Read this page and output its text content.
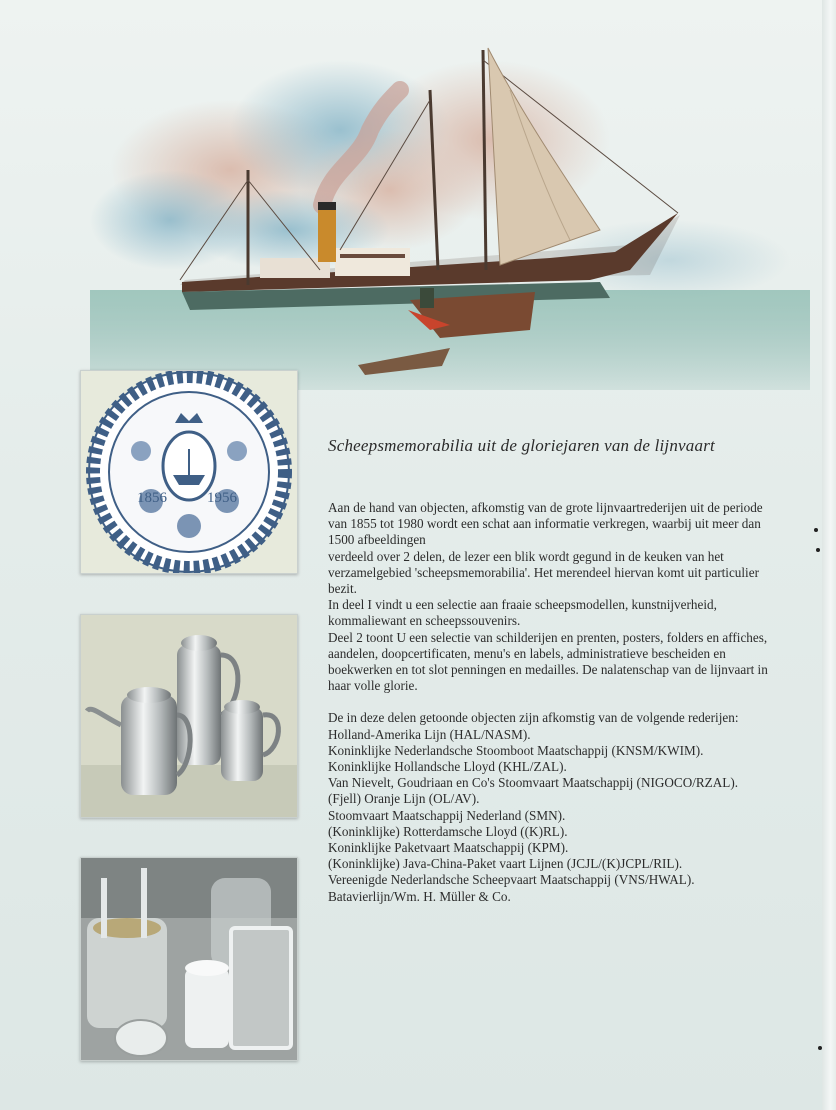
1856	1956
Scheepsmemorabilia uit de gloriejaren van de lijnvaart

Aan de hand van objecten, afkomstig van de grote lijnvaartrederijen uit de periode

van 1855 tot 1980 wordt een schat aan informatie verkregen, waarbij uit meer dan

1500 afbeeldingen

verdeeld over 2 delen, de lezer een blik wordt gegund in de keuken van het

verzamelgebied 'scheepsmemorabilia'. Het merendeel hiervan komt uit particulier

bezit.

In deel I vindt u een selectie aan fraaie scheepsmodellen, kunstnijverheid,

kommaliewant en scheepssouvenirs.

Deel 2 toont U een selectie van schilderijen en prenten, posters, folders en affiches,

aandelen, doopcertificaten, menu's en labels, administratieve bescheiden en

boekwerken en tot slot penningen en medailles. De nalatenschap van de lijnvaart in

haar volle glorie.

De in deze delen getoonde objecten zijn afkomstig van de volgende rederijen:

Holland-Amerika Lijn (HAL/NASM).

Koninklijke Nederlandsche Stoomboot Maatschappij (KNSM/KWIM).

Koninklijke Hollandsche Lloyd (KHL/ZAL).

Van Nievelt, Goudriaan en Co's Stoomvaart Maatschappij (NIGOCO/RZAL).

(Fjell) Oranje Lijn (OL/AV).

Stoomvaart Maatschappij Nederland (SMN).

(Koninklijke) Rotterdamsche Lloyd ((K)RL).

Koninklijke Paketvaart Maatschappij (KPM).

(Koninklijke) Java-China-Paket vaart Lijnen (JCJL/(K)JCPL/RIL).

Vereenigde Nederlandsche Scheepvaart Maatschappij (VNS/HWAL).

Batavierlijn/Wm. H. Müller & Co.
